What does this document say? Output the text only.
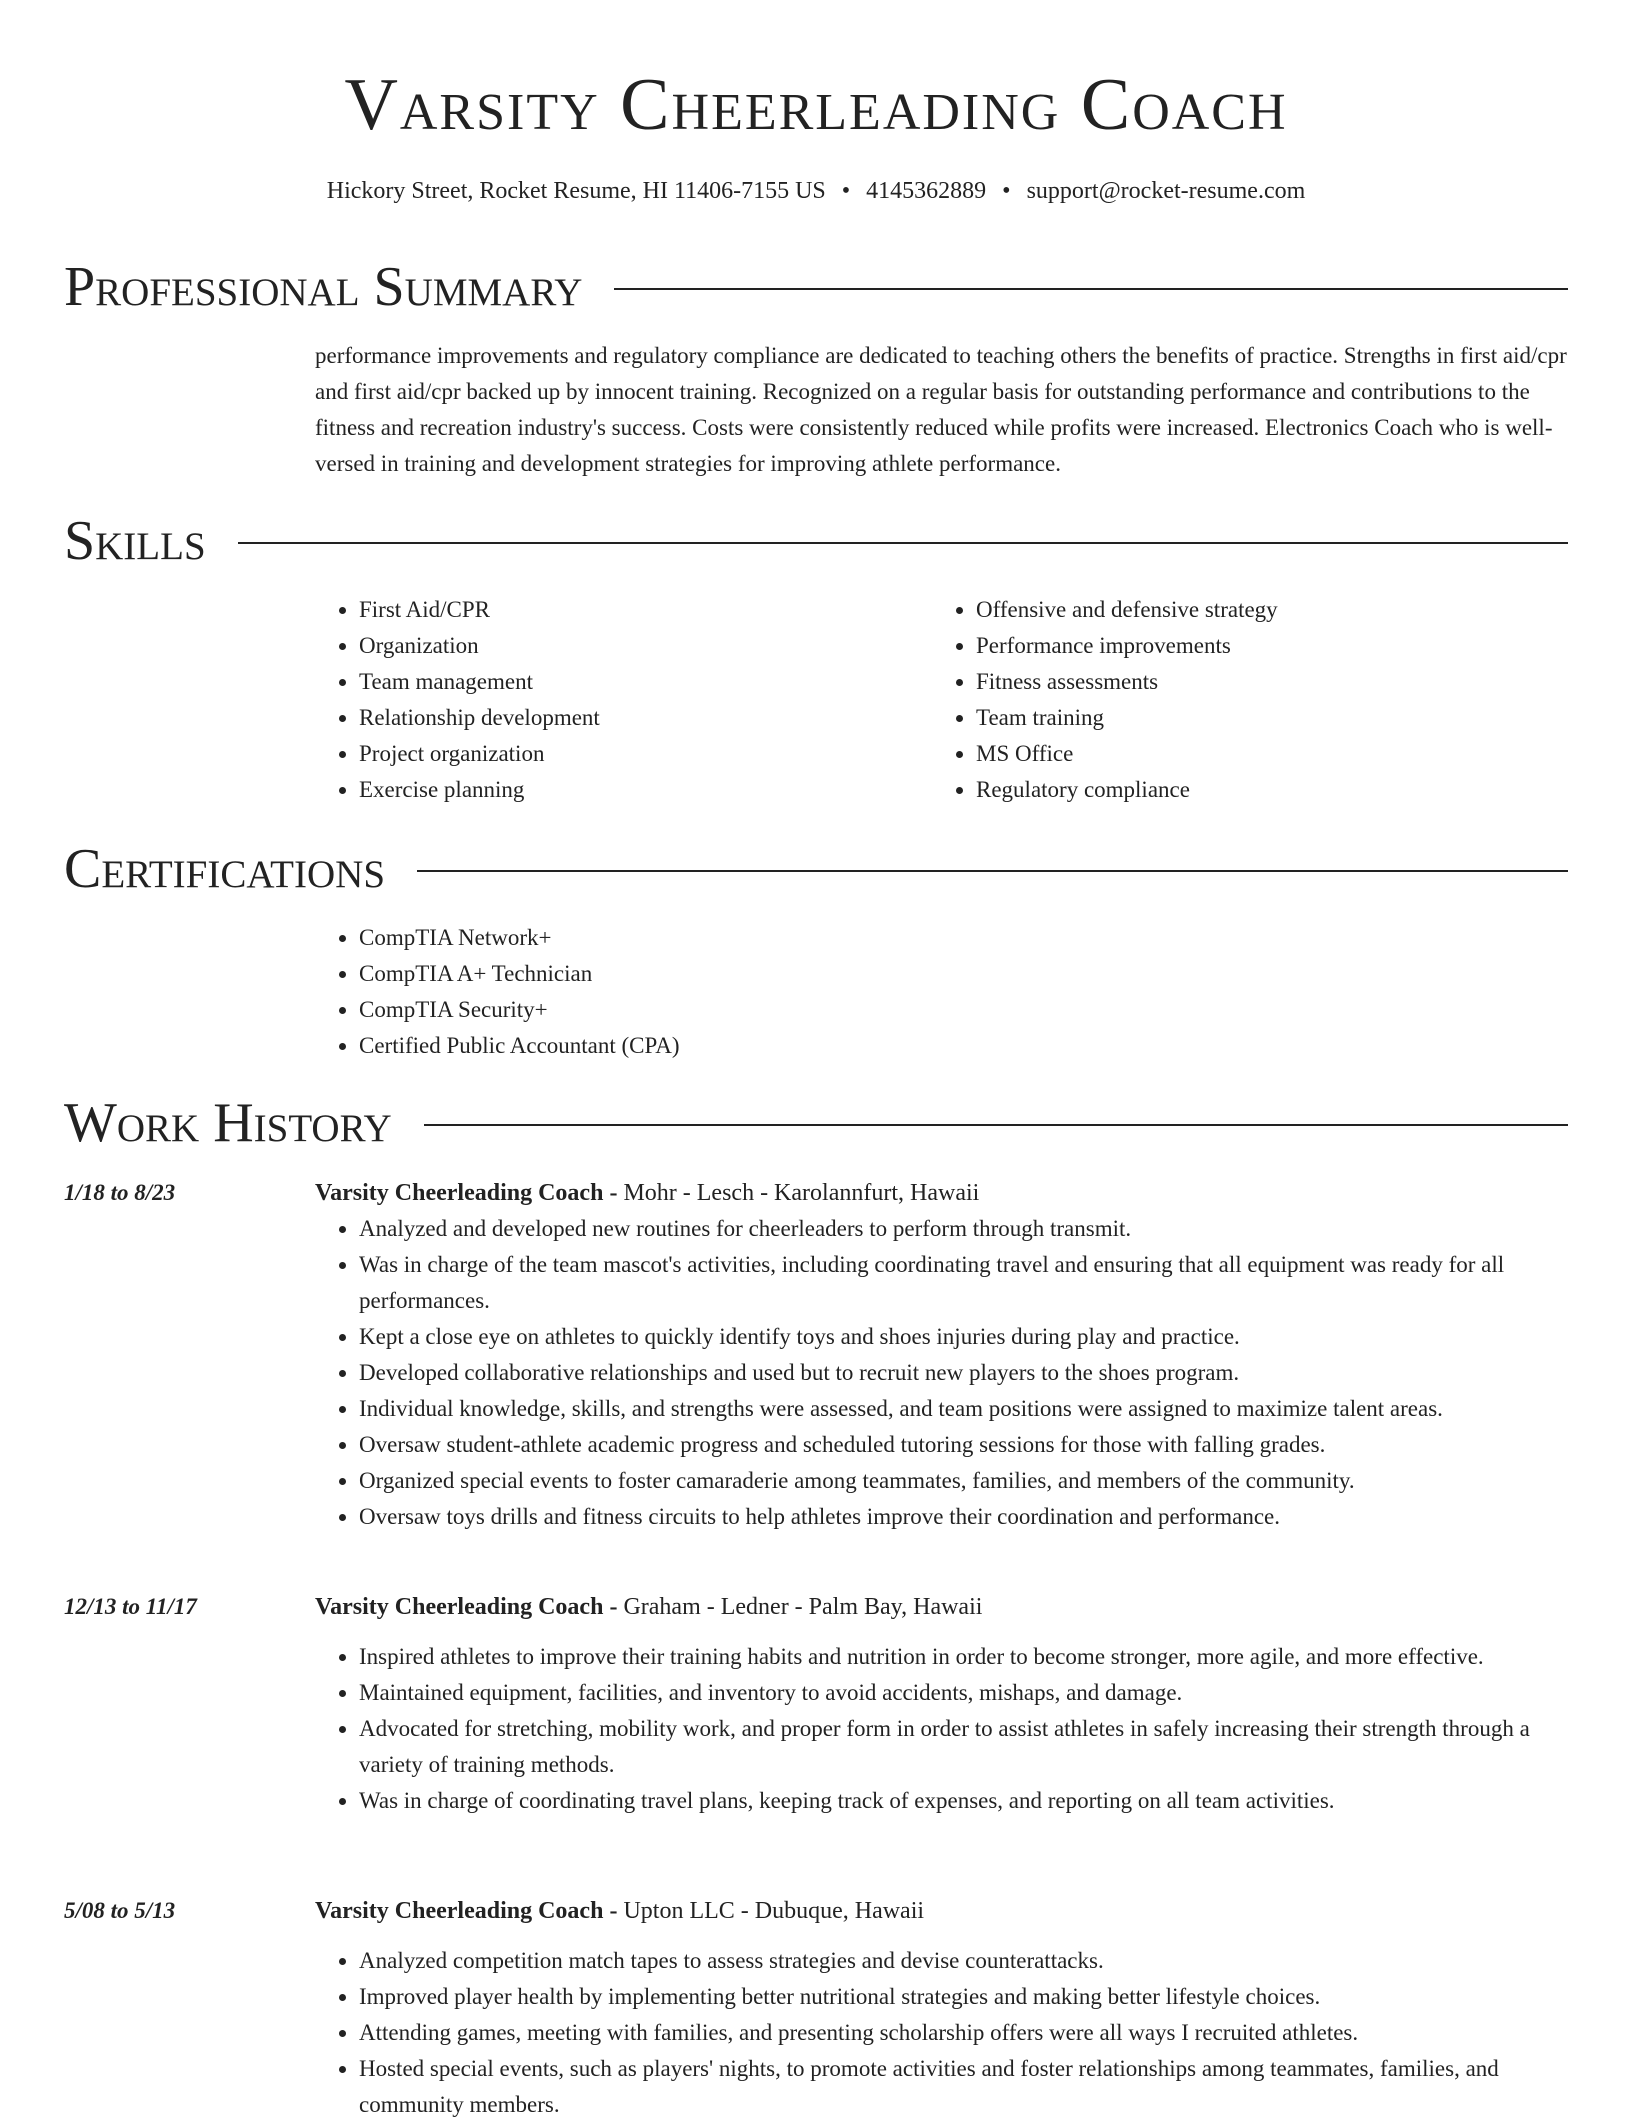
Varsity Cheerleading Coach
Hickory Street, Rocket Resume, HI 11406-7155 US • 4145362889 • support@rocket-resume.com
Professional Summary

performance improvements and regulatory compliance are dedicated to teaching others the benefits of practice. Strengths in first aid/cpr and first aid/cpr backed up by innocent training. Recognized on a regular basis for outstanding performance and contributions to the fitness and recreation industry's success. Costs were consistently reduced while profits were increased. Electronics Coach who is well-versed in training and development strategies for improving athlete performance.

Skills
• First Aid/CPR
• Organization
• Team management
• Relationship development
• Project organization
• Exercise planning
• Offensive and defensive strategy
• Performance improvements
• Fitness assessments
• Team training
• MS Office
• Regulatory compliance
Certifications
• CompTIA Network+
• CompTIA A+ Technician
• CompTIA Security+
• Certified Public Accountant (CPA)
Work History
1/18 to 8/23	Varsity Cheerleading Coach - Mohr - Lesch - Karolannfurt, Hawaii
• Analyzed and developed new routines for cheerleaders to perform through transmit.
• Was in charge of the team mascot's activities, including coordinating travel and ensuring that all equipment was ready for all performances.
• Kept a close eye on athletes to quickly identify toys and shoes injuries during play and practice.
• Developed collaborative relationships and used but to recruit new players to the shoes program.
• Individual knowledge, skills, and strengths were assessed, and team positions were assigned to maximize talent areas.
• Oversaw student-athlete academic progress and scheduled tutoring sessions for those with falling grades.
• Organized special events to foster camaraderie among teammates, families, and members of the community.
• Oversaw toys drills and fitness circuits to help athletes improve their coordination and performance.
12/13 to 11/17	Varsity Cheerleading Coach - Graham - Ledner - Palm Bay, Hawaii
• Inspired athletes to improve their training habits and nutrition in order to become stronger, more agile, and more effective.
• Maintained equipment, facilities, and inventory to avoid accidents, mishaps, and damage.
• Advocated for stretching, mobility work, and proper form in order to assist athletes in safely increasing their strength through a variety of training methods.
• Was in charge of coordinating travel plans, keeping track of expenses, and reporting on all team activities.
5/08 to 5/13	Varsity Cheerleading Coach - Upton LLC - Dubuque, Hawaii
• Analyzed competition match tapes to assess strategies and devise counterattacks.
• Improved player health by implementing better nutritional strategies and making better lifestyle choices.
• Attending games, meeting with families, and presenting scholarship offers were all ways I recruited athletes.
• Hosted special events, such as players' nights, to promote activities and foster relationships among teammates, families, and community members.
